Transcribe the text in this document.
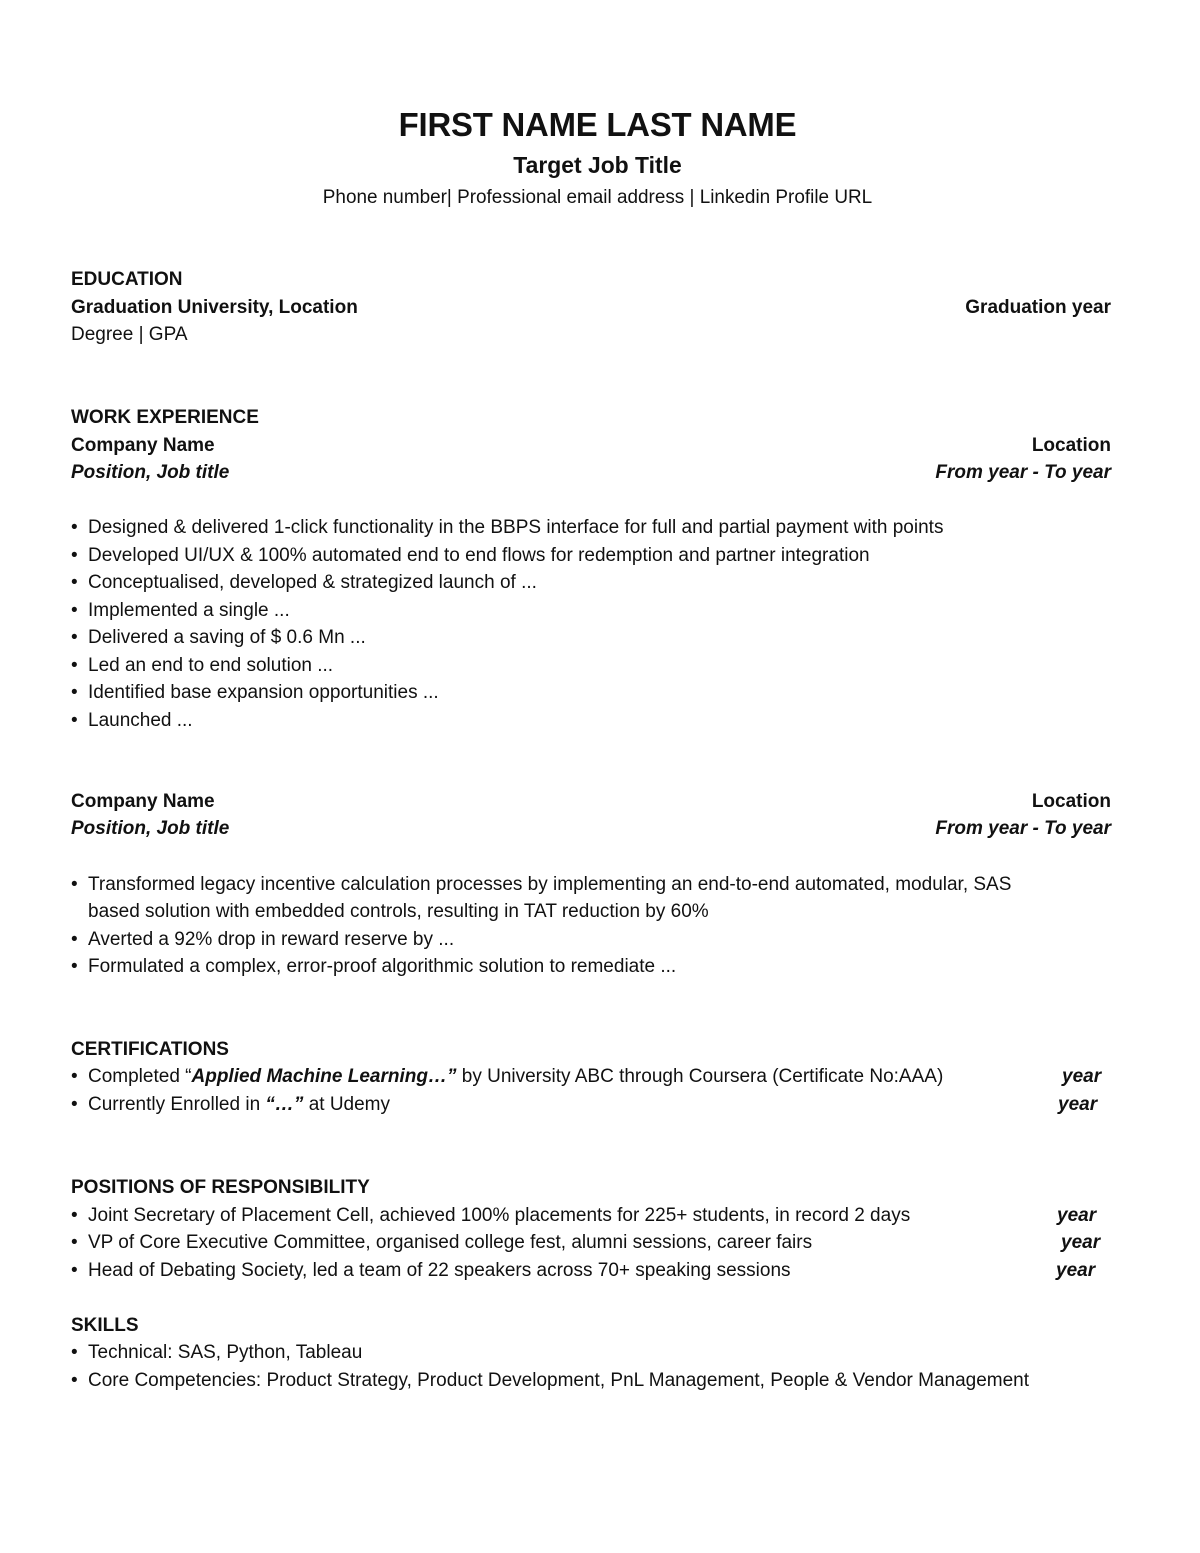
FIRST NAME LAST NAME
Target Job Title
Phone number| Professional email address | Linkedin Profile URL
EDUCATION
Graduation University, Location	Graduation year
Degree | GPA
WORK EXPERIENCE
Company Name	Location
Position, Job title	From year - To year
• Designed & delivered 1-click functionality in the BBPS interface for full and partial payment with points
• Developed UI/UX & 100% automated end to end flows for redemption and partner integration
• Conceptualised, developed & strategized launch of ...
• Implemented a single ...
• Delivered a saving of $ 0.6 Mn ...
• Led an end to end solution ...
• Identified base expansion opportunities ...
• Launched ...
Company Name	Location
Position, Job title	From year - To year
• Transformed legacy incentive calculation processes by implementing an end-to-end automated, modular, SAS
based solution with embedded controls, resulting in TAT reduction by 60%
• Averted a 92% drop in reward reserve by ...
• Formulated a complex, error-proof algorithmic solution to remediate ...
CERTIFICATIONS
• Completed “Applied Machine Learning…” by University ABC through Coursera (Certificate No:AAA)	year
• Currently Enrolled in “…” at Udemy	year
POSITIONS OF RESPONSIBILITY
• Joint Secretary of Placement Cell, achieved 100% placements for 225+ students, in record 2 days	year
• VP of Core Executive Committee, organised college fest, alumni sessions, career fairs	year
• Head of Debating Society, led a team of 22 speakers across 70+ speaking sessions	year
SKILLS
• Technical: SAS, Python, Tableau
• Core Competencies: Product Strategy, Product Development, PnL Management, People & Vendor Management
